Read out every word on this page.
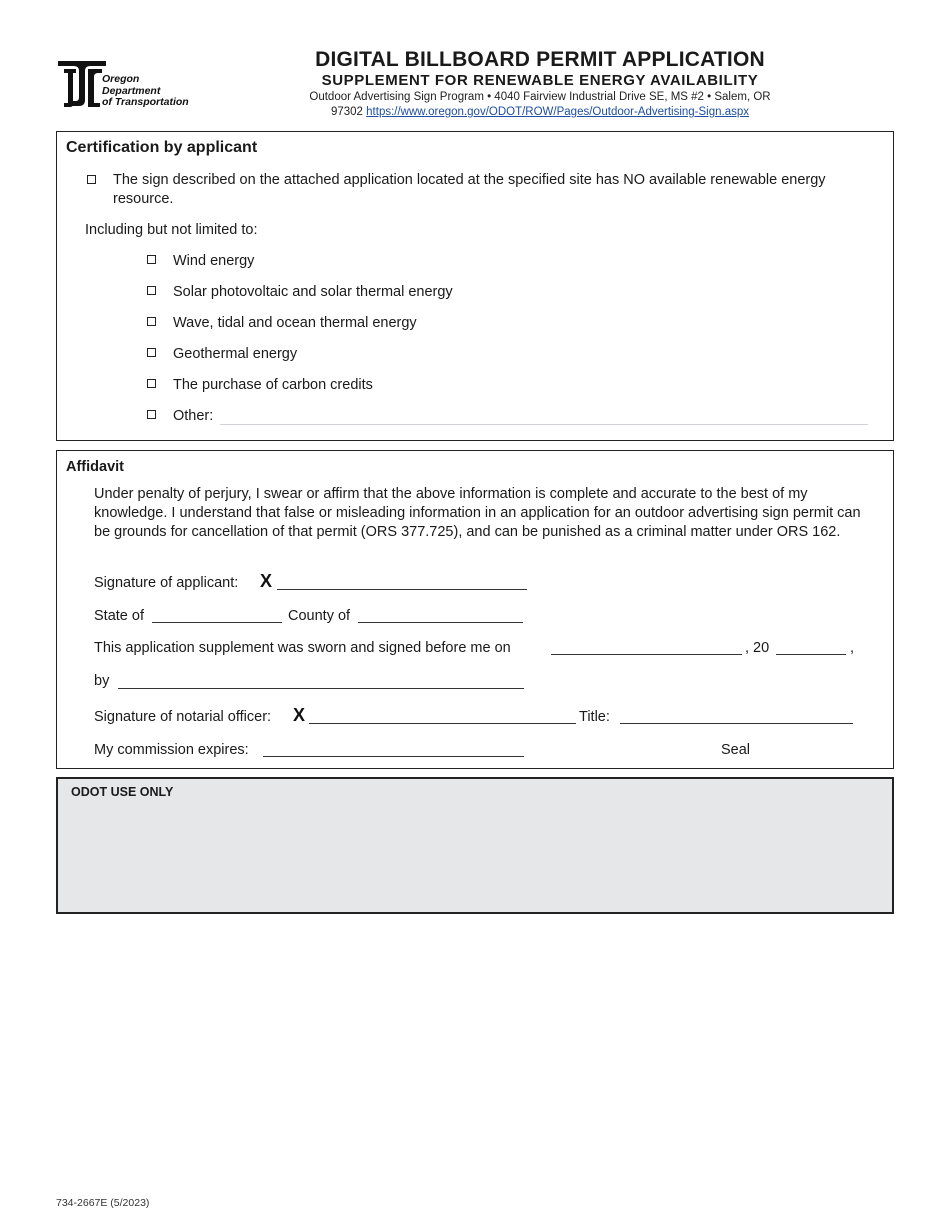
Oregon
Department
of Transportation
DIGITAL BILLBOARD PERMIT APPLICATION
SUPPLEMENT FOR RENEWABLE ENERGY AVAILABILITY
Outdoor Advertising Sign Program • 4040 Fairview Industrial Drive SE, MS #2 • Salem, OR
97302 https://www.oregon.gov/ODOT/ROW/Pages/Outdoor-Advertising-Sign.aspx
Certification by applicant
The sign described on the attached application located at the specified site has NO available renewable energy resource.
Including but not limited to:
Wind energy
Solar photovoltaic and solar thermal energy
Wave, tidal and ocean thermal energy
Geothermal energy
The purchase of carbon credits
Other:
Affidavit
Under penalty of perjury, I swear or affirm that the above information is complete and accurate to the best of my knowledge. I understand that false or misleading information in an application for an outdoor advertising sign permit can be grounds for cancellation of that permit (ORS 377.725), and can be punished as a criminal matter under ORS 162.
Signature of applicant: X
State of	County of
This application supplement was sworn and signed before me on	, 20	,
by
Signature of notarial officer: X	Title:
My commission expires:	Seal
ODOT USE ONLY
734-2667E (5/2023)
